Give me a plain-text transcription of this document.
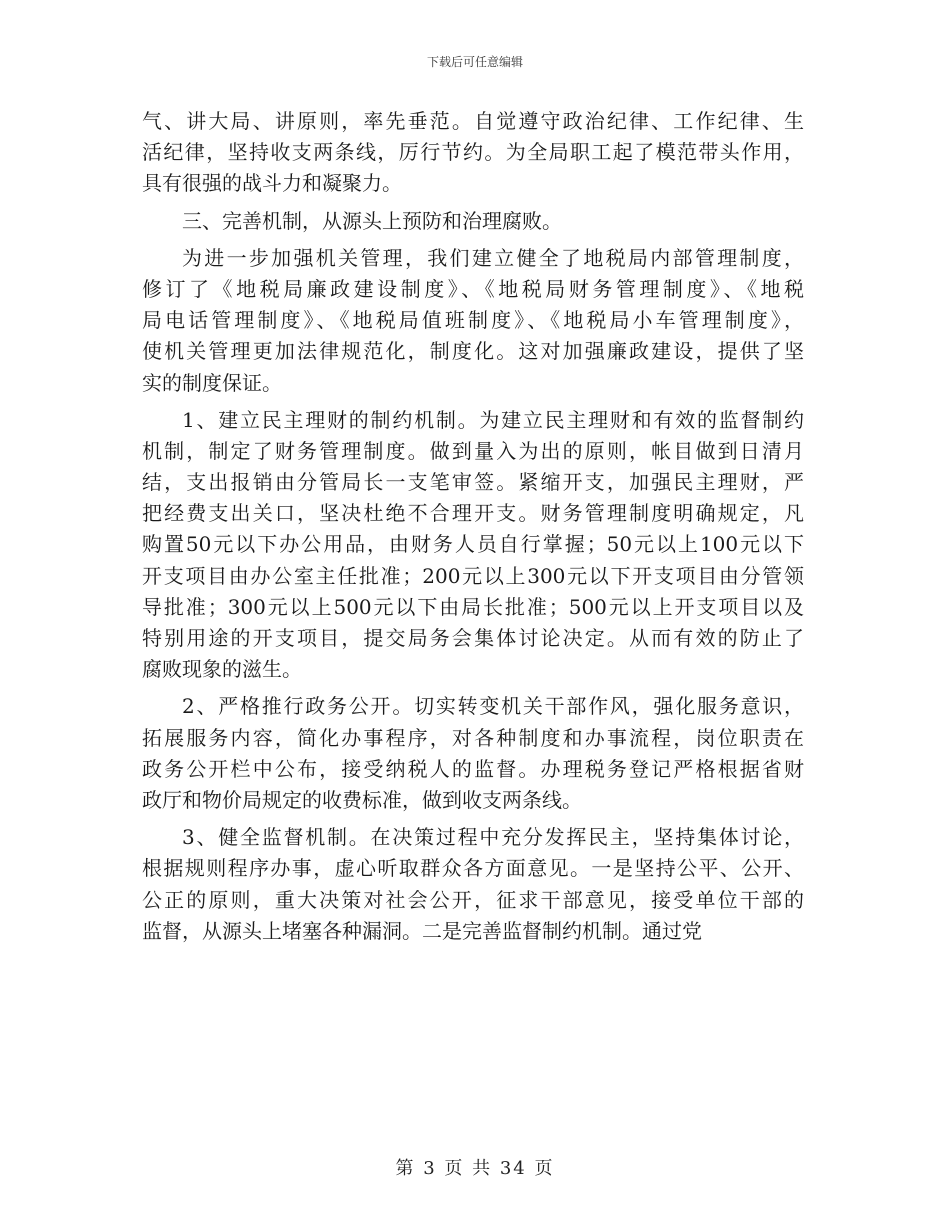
下载后可任意编辑
气、讲大局、讲原则，率先垂范。自觉遵守政治纪律、工作纪律、生
活纪律，坚持收支两条线，厉行节约。为全局职工起了模范带头作用，
具有很强的战斗力和凝聚力。
三、完善机制，从源头上预防和治理腐败。
为进一步加强机关管理，我们建立健全了地税局内部管理制度，
修订了《地税局廉政建设制度》、《地税局财务管理制度》、《地税
局电话管理制度》、《地税局值班制度》、《地税局小车管理制度》，
使机关管理更加法律规范化，制度化。这对加强廉政建设，提供了坚
实的制度保证。
1、建立民主理财的制约机制。为建立民主理财和有效的监督制约
机制，制定了财务管理制度。做到量入为出的原则，帐目做到日清月
结，支出报销由分管局长一支笔审签。紧缩开支，加强民主理财，严
把经费支出关口，坚决杜绝不合理开支。财务管理制度明确规定，凡
购置50元以下办公用品，由财务人员自行掌握；50元以上100元以下
开支项目由办公室主任批准；200元以上300元以下开支项目由分管领
导批准；300元以上500元以下由局长批准；500元以上开支项目以及
特别用途的开支项目，提交局务会集体讨论决定。从而有效的防止了
腐败现象的滋生。
2、严格推行政务公开。切实转变机关干部作风，强化服务意识，
拓展服务内容，简化办事程序，对各种制度和办事流程，岗位职责在
政务公开栏中公布，接受纳税人的监督。办理税务登记严格根据省财
政厅和物价局规定的收费标准，做到收支两条线。
3、健全监督机制。在决策过程中充分发挥民主，坚持集体讨论，
根据规则程序办事，虚心听取群众各方面意见。一是坚持公平、公开、
公正的原则，重大决策对社会公开，征求干部意见，接受单位干部的
监督，从源头上堵塞各种漏洞。二是完善监督制约机制。通过党
第 3 页 共 34 页
